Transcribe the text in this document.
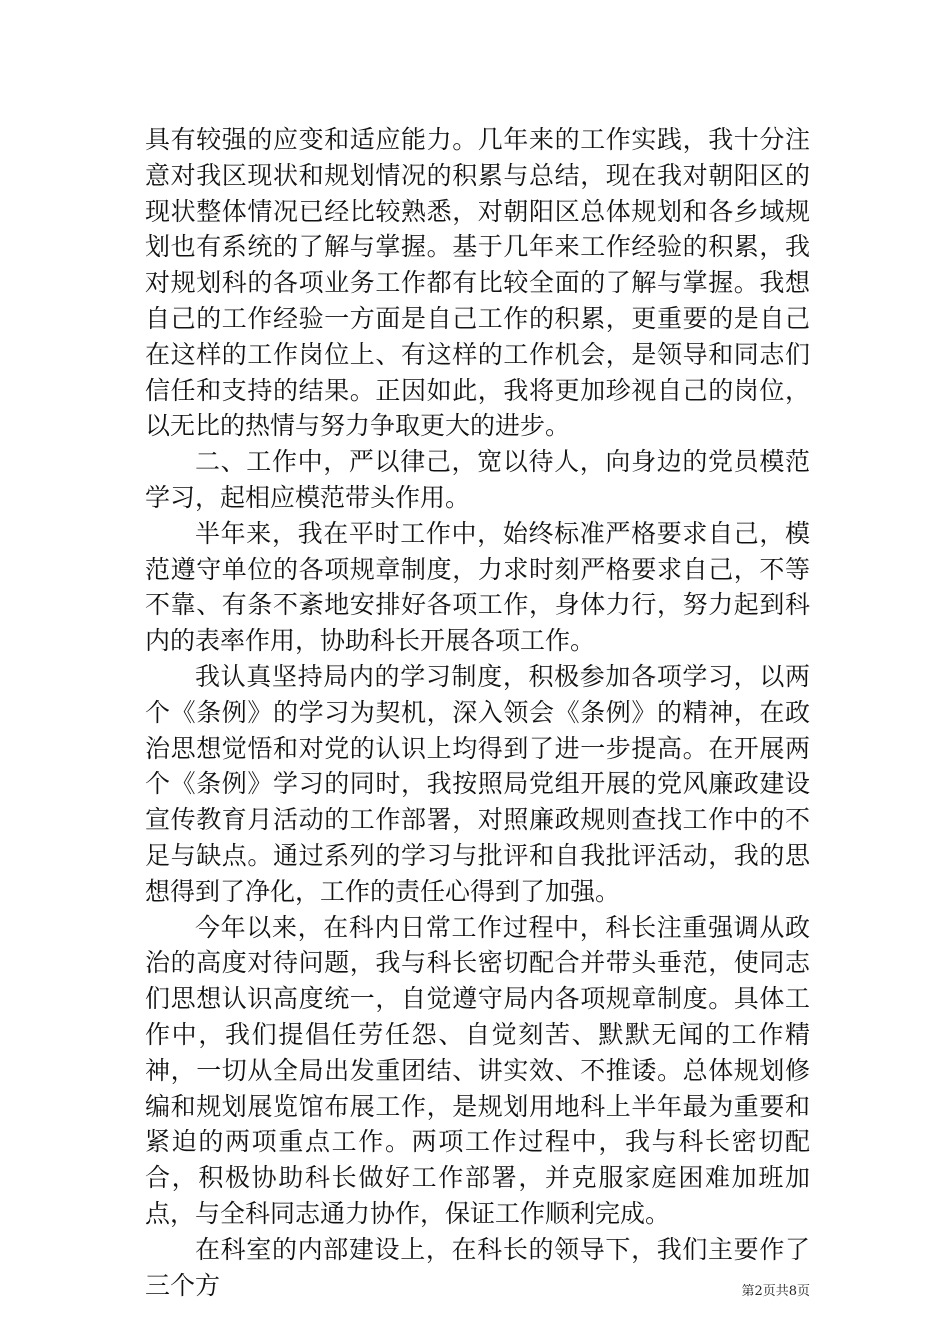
具有较强的应变和适应能力。几年来的工作实践，我十分注意对我区现状和规划情况的积累与总结，现在我对朝阳区的现状整体情况已经比较熟悉，对朝阳区总体规划和各乡域规划也有系统的了解与掌握。基于几年来工作经验的积累，我对规划科的各项业务工作都有比较全面的了解与掌握。我想自己的工作经验一方面是自己工作的积累，更重要的是自己在这样的工作岗位上、有这样的工作机会，是领导和同志们信任和支持的结果。正因如此，我将更加珍视自己的岗位，以无比的热情与努力争取更大的进步。

二、工作中，严以律己，宽以待人，向身边的党员模范学习，起相应模范带头作用。

半年来，我在平时工作中，始终标准严格要求自己，模范遵守单位的各项规章制度，力求时刻严格要求自己，不等不靠、有条不紊地安排好各项工作，身体力行，努力起到科内的表率作用，协助科长开展各项工作。

我认真坚持局内的学习制度，积极参加各项学习，以两个《条例》的学习为契机，深入领会《条例》的精神，在政治思想觉悟和对党的认识上均得到了进一步提高。在开展两个《条例》学习的同时，我按照局党组开展的党风廉政建设宣传教育月活动的工作部署，对照廉政规则查找工作中的不足与缺点。通过系列的学习与批评和自我批评活动，我的思想得到了净化，工作的责任心得到了加强。

今年以来，在科内日常工作过程中，科长注重强调从政治的高度对待问题，我与科长密切配合并带头垂范，使同志们思想认识高度统一，自觉遵守局内各项规章制度。具体工作中，我们提倡任劳任怨、自觉刻苦、默默无闻的工作精神，一切从全局出发重团结、讲实效、不推诿。总体规划修编和规划展览馆布展工作，是规划用地科上半年最为重要和紧迫的两项重点工作。两项工作过程中，我与科长密切配合，积极协助科长做好工作部署，并克服家庭困难加班加点，与全科同志通力协作，保证工作顺利完成。

在科室的内部建设上，在科长的领导下，我们主要作了三个方	第2页共8页
